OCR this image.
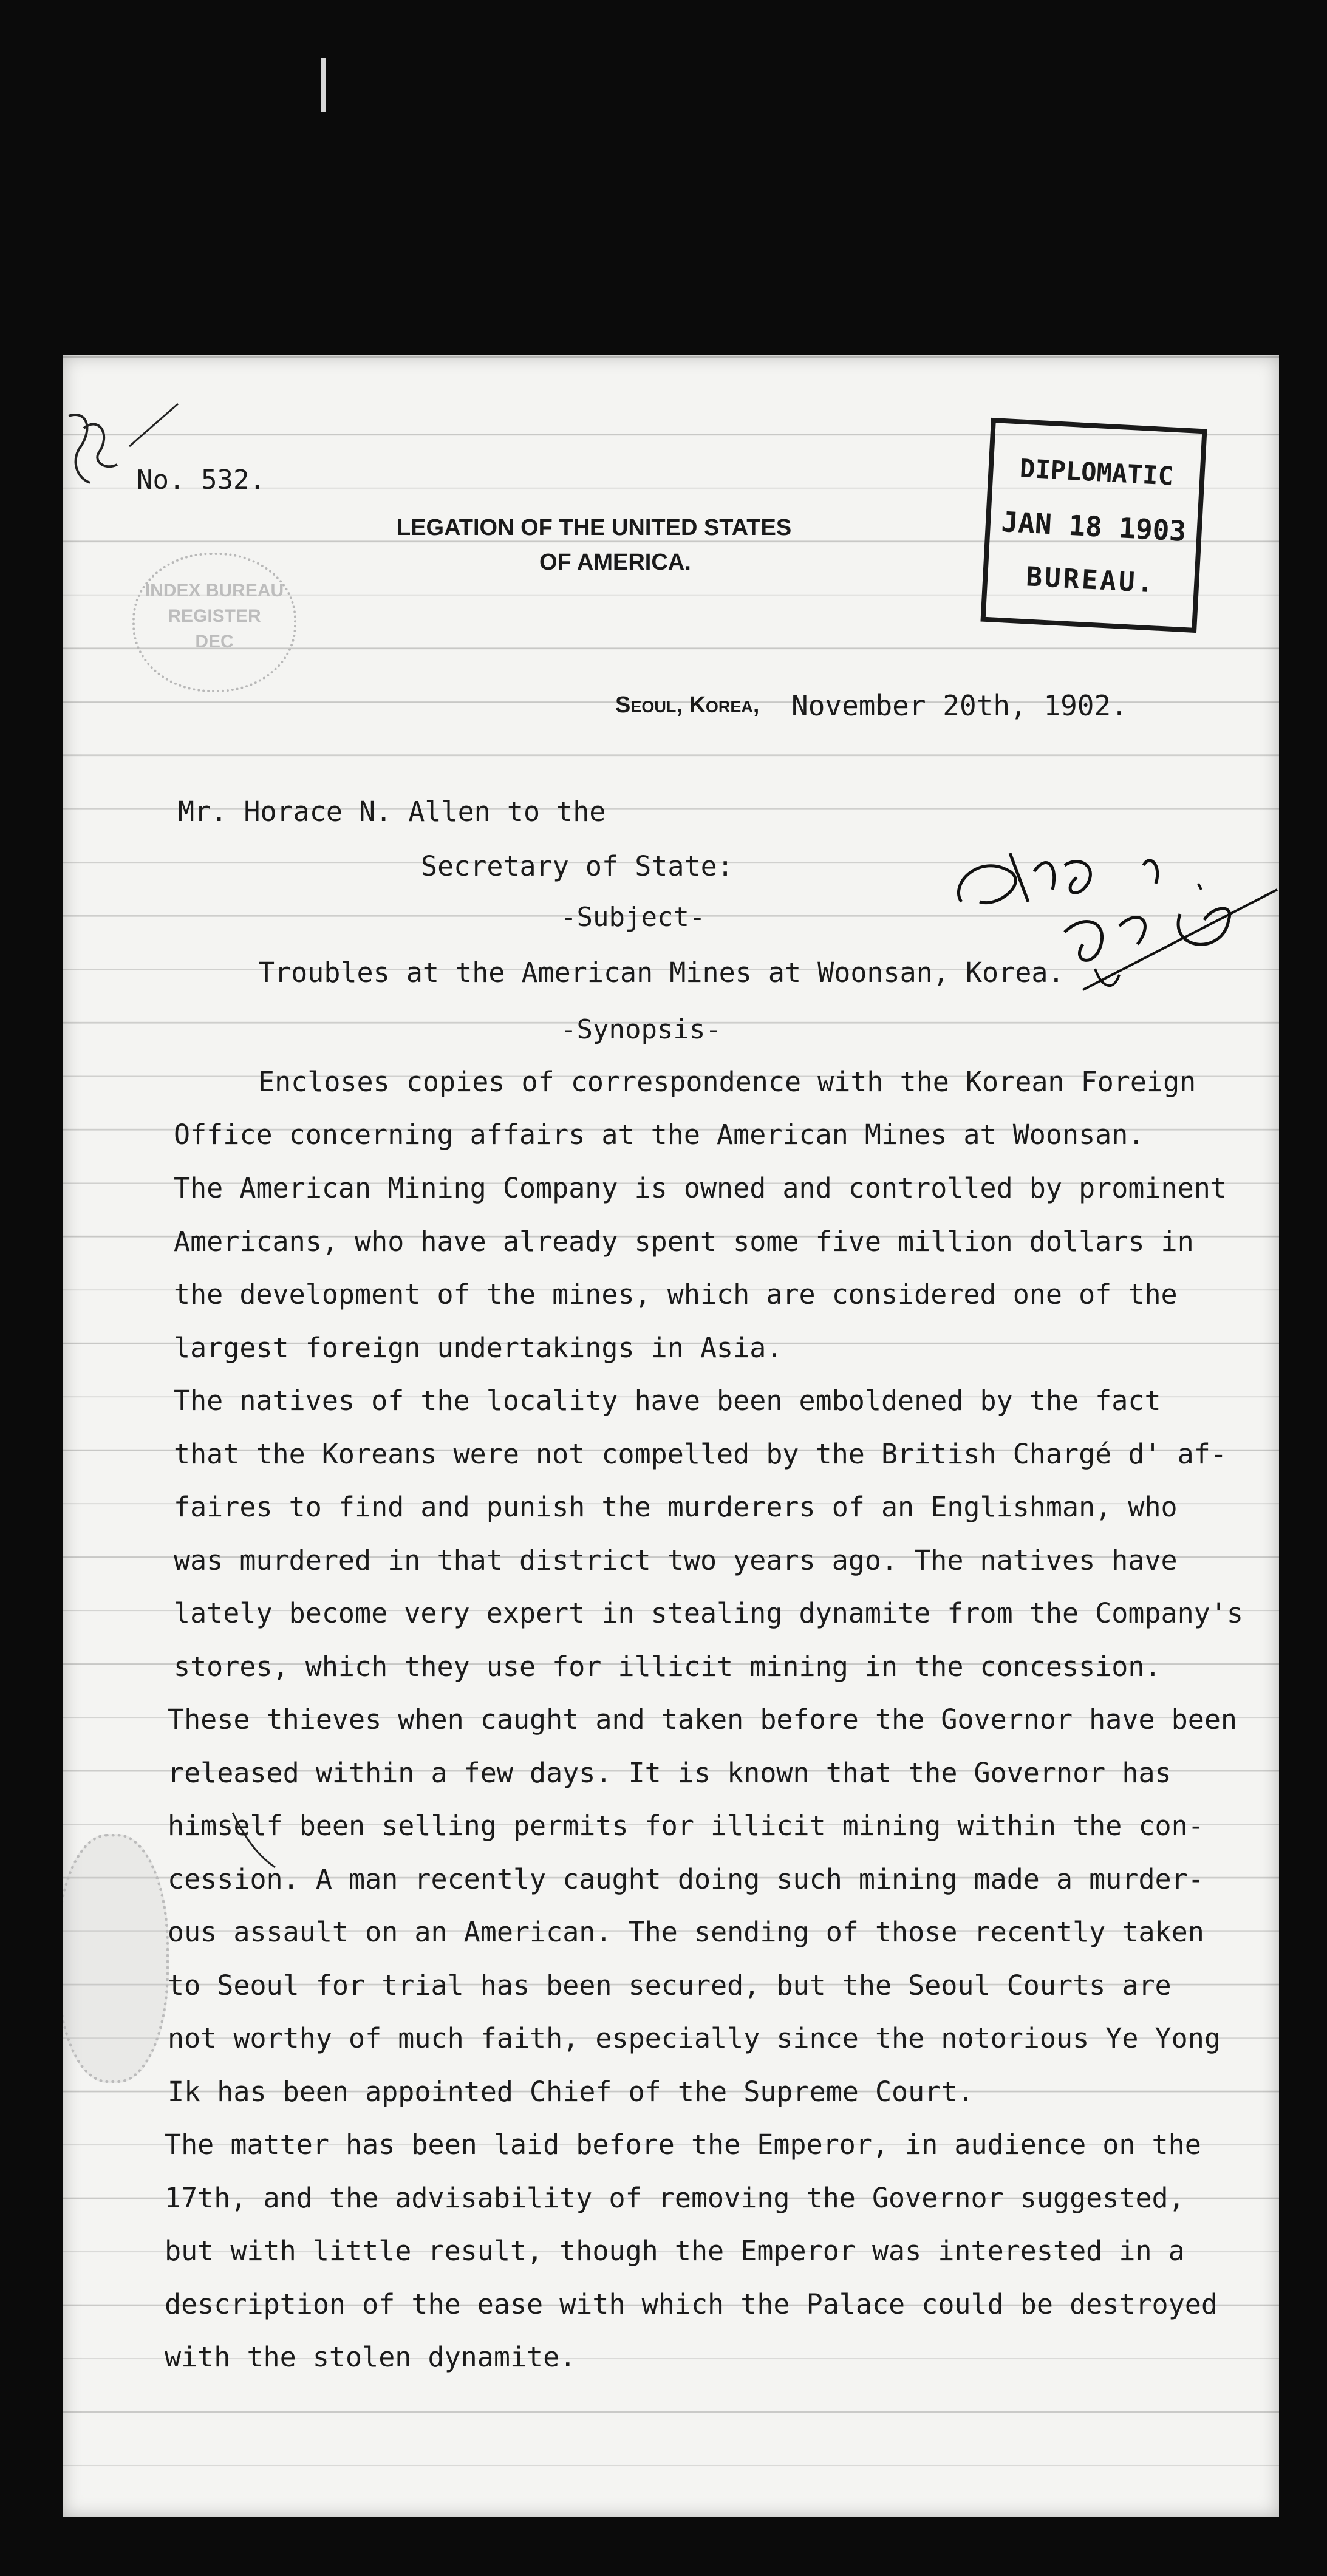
No. 532.
LEGATION OF THE UNITED STATES
OF AMERICA.
INDEX BUREAU
REGISTER
DEC
DIPLOMATIC
JAN 18 1903
BUREAU.
Seoul, Korea, November 20th, 1902.
Mr. Horace N. Allen to the
Secretary of State:
-Subject-
Troubles at the American Mines at Woonsan, Korea.
-Synopsis-
Encloses copies of correspondence with the Korean Foreign
Office concerning affairs at the American Mines at Woonsan.
The American Mining Company is owned and controlled by prominent
Americans, who have already spent some five million dollars in
the development of the mines, which are considered one of the
largest foreign undertakings in Asia.
The natives of the locality have been emboldened by the fact
that the Koreans were not compelled by the British Chargé d' af-
faires to find and punish the murderers of an Englishman, who
was murdered in that district two years ago. The natives have
lately become very expert in stealing dynamite from the Company's
stores, which they use for illicit mining in the concession.
These thieves when caught and taken before the Governor have been
released within a few days. It is known that the Governor has
himself been selling permits for illicit mining within the con-
cession. A man recently caught doing such mining made a murder-
ous assault on an American. The sending of those recently taken
to Seoul for trial has been secured, but the Seoul Courts are
not worthy of much faith, especially since the notorious Ye Yong
Ik has been appointed Chief of the Supreme Court.
The matter has been laid before the Emperor, in audience on the
17th, and the advisability of removing the Governor suggested,
but with little result, though the Emperor was interested in a
description of the ease with which the Palace could be destroyed
with the stolen dynamite.
